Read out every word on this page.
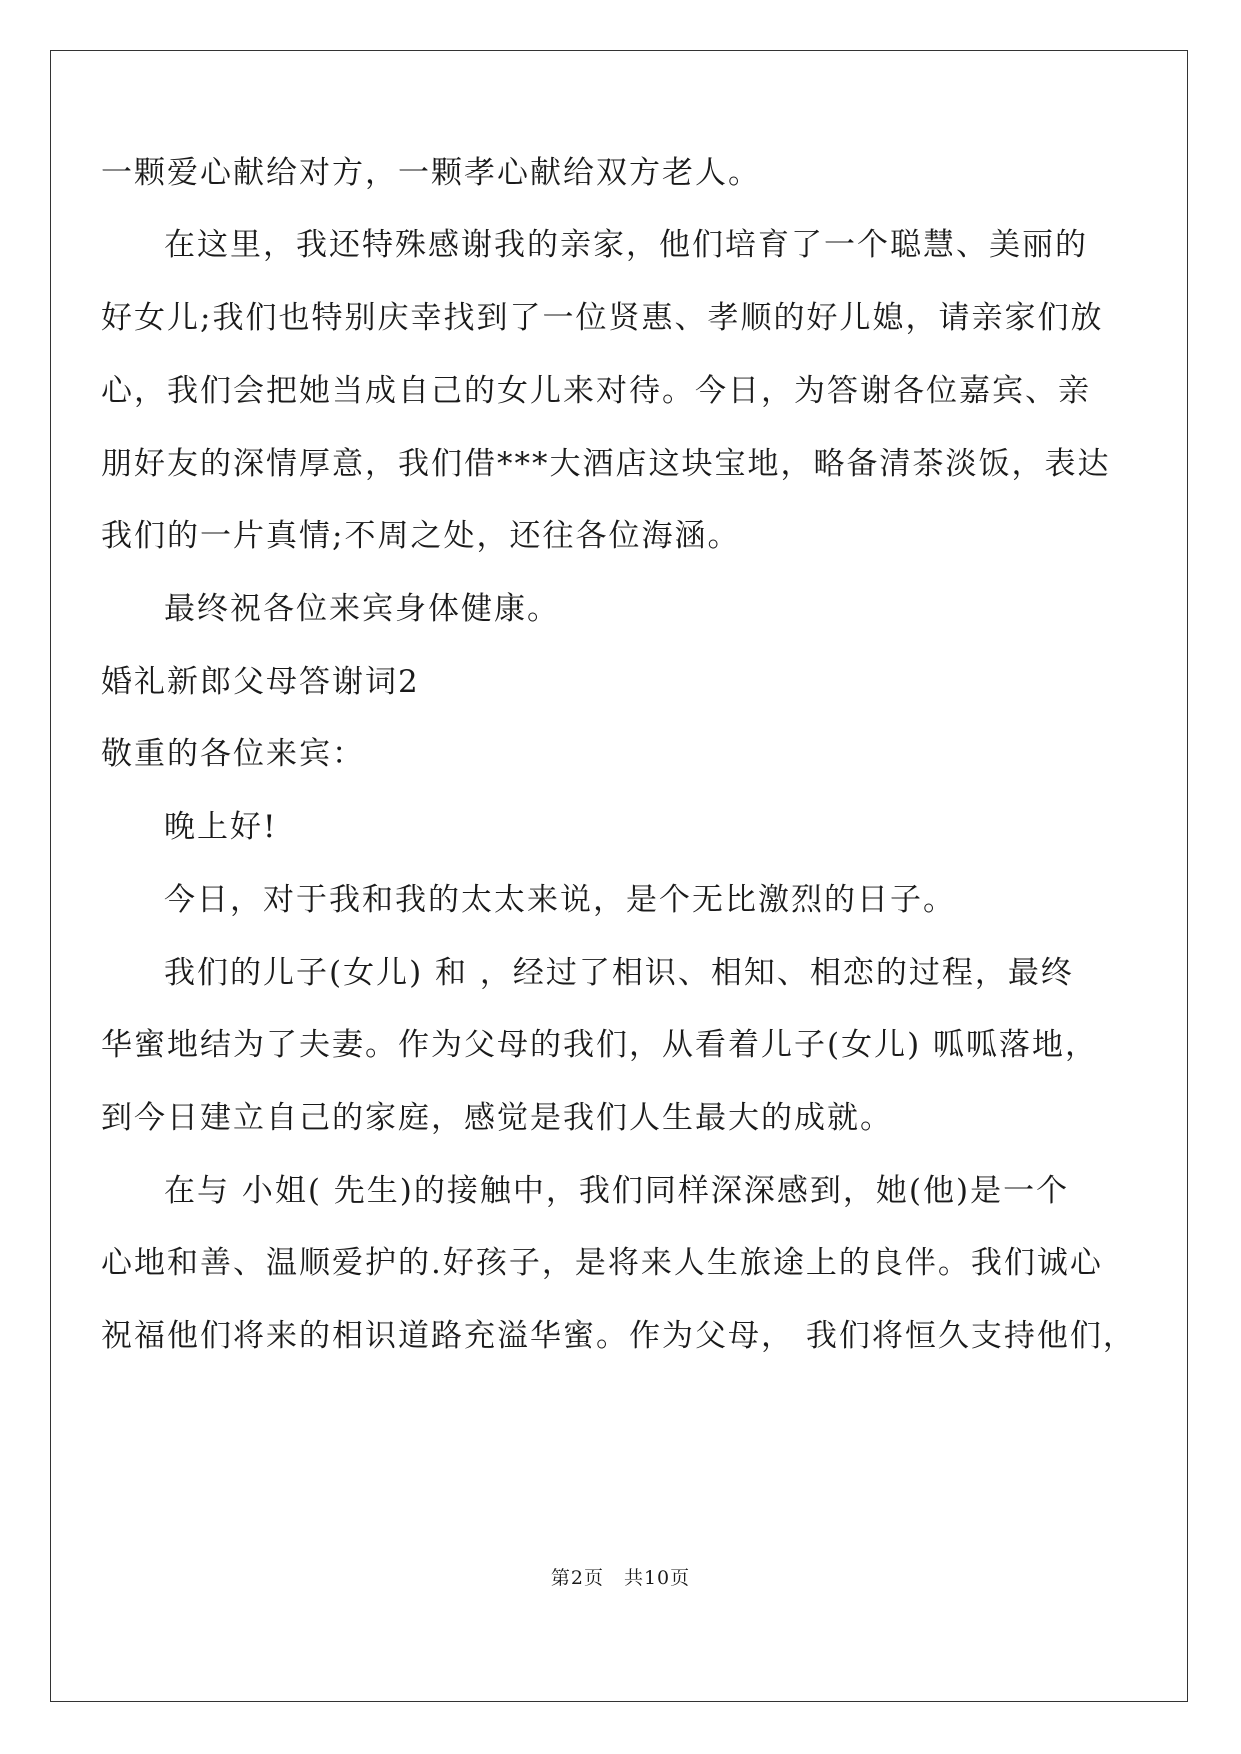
一颗爱心献给对方，一颗孝心献给双方老人。
在这里，我还特殊感谢我的亲家，他们培育了一个聪慧、美丽的
好女儿;我们也特别庆幸找到了一位贤惠、孝顺的好儿媳，请亲家们放
心，我们会把她当成自己的女儿来对待。今日，为答谢各位嘉宾、亲
朋好友的深情厚意，我们借***大酒店这块宝地，略备清茶淡饭，表达
我们的一片真情;不周之处，还往各位海涵。
最终祝各位来宾身体健康。
婚礼新郎父母答谢词2
敬重的各位来宾：
晚上好!
今日，对于我和我的太太来说，是个无比激烈的日子。
我们的儿子(女儿) 和 ，经过了相识、相知、相恋的过程，最终
华蜜地结为了夫妻。作为父母的我们，从看着儿子(女儿) 呱呱落地，
到今日建立自己的家庭，感觉是我们人生最大的成就。
在与 小姐( 先生)的接触中，我们同样深深感到，她(他)是一个
心地和善、温顺爱护的.好孩子，是将来人生旅途上的良伴。我们诚心
祝福他们将来的相识道路充溢华蜜。作为父母， 我们将恒久支持他们，
第2页　共10页
